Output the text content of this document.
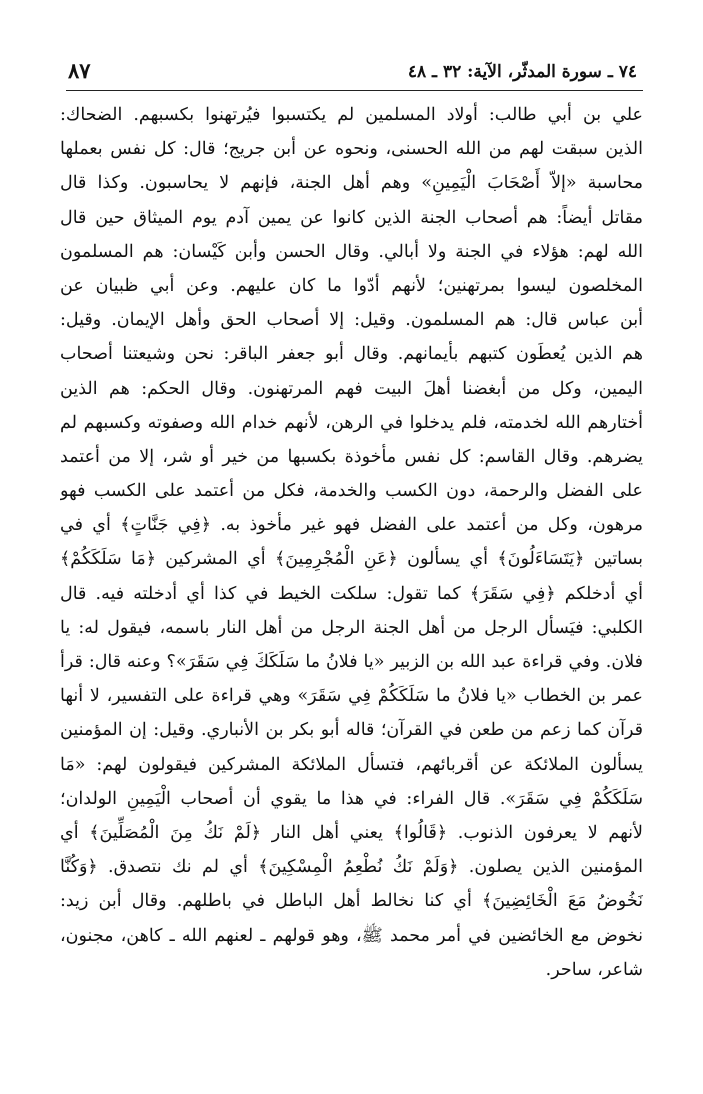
٧٤ ـ سورة المدثّر، الآية: ٣٢ ـ ٤٨
٨٧
علي بن أبي طالب: أولاد المسلمين لم يكتسبوا فيُرتهنوا بكسبهم. الضحاك:
الذين سبقت لهم من الله الحسنى، ونحوه عن أبن جريج؛ قال: كل نفس بعملها
محاسبة «إلاّ أَصْحَابَ الْيَمِينِ» وهم أهل الجنة، فإنهم لا يحاسبون. وكذا قال
مقاتل أيضاً: هم أصحاب الجنة الذين كانوا عن يمين آدم يوم الميثاق حين قال
الله لهم: هؤلاء في الجنة ولا أبالي. وقال الحسن وأبن كَيْسان: هم المسلمون
المخلصون ليسوا بمرتهنين؛ لأنهم أدّوا ما كان عليهم. وعن أبي ظبيان عن
أبن عباس قال: هم المسلمون. وقيل: إلا أصحاب الحق وأهل الإيمان. وقيل:
هم الذين يُعطَون كتبهم بأيمانهم. وقال أبو جعفر الباقر: نحن وشيعتنا أصحاب
اليمين، وكل من أبغضنا أهلَ البيت فهم المرتهنون. وقال الحكم: هم الذين
أختارهم الله لخدمته، فلم يدخلوا في الرهن، لأنهم خدام الله وصفوته وكسبهم لم
يضرهم. وقال القاسم: كل نفس مأخوذة بكسبها من خير أو شر، إلا من أعتمد
على الفضل والرحمة، دون الكسب والخدمة، فكل من أعتمد على الكسب فهو
مرهون، وكل من أعتمد على الفضل فهو غير مأخوذ به. ﴿فِي جَنَّاتٍ﴾ أي في
بساتين ﴿يَتَسَاءَلُونَ﴾ أي يسألون ﴿عَنِ الْمُجْرِمِينَ﴾ أي المشركين ﴿مَا سَلَكَكُمْ﴾
أي أدخلكم ﴿فِي سَقَرَ﴾ كما تقول: سلكت الخيط في كذا أي أدخلته فيه. قال
الكلبي: فيَسأل الرجل من أهل الجنة الرجل من أهل النار باسمه، فيقول له: يا
فلان. وفي قراءة عبد الله بن الزبير «يا فلانُ ما سَلَكَكَ فِي سَقَرَ»؟ وعنه قال: قرأ
عمر بن الخطاب «يا فلانُ ما سَلَكَكُمْ فِي سَقَرَ» وهي قراءة على التفسير، لا أنها
قرآن كما زعم من طعن في القرآن؛ قاله أبو بكر بن الأنباري. وقيل: إن المؤمنين
يسألون الملائكة عن أقربائهم، فتسأل الملائكة المشركين فيقولون لهم: «مَا
سَلَكَكُمْ فِي سَقَرَ». قال الفراء: في هذا ما يقوي أن أصحاب الْيَمِينِ الولدان؛
لأنهم لا يعرفون الذنوب. ﴿قَالُوا﴾ يعني أهل النار ﴿لَمْ نَكُ مِنَ الْمُصَلِّينَ﴾ أي
المؤمنين الذين يصلون. ﴿وَلَمْ نَكُ نُطْعِمُ الْمِسْكِينَ﴾ أي لم نك نتصدق. ﴿وَكُنَّا
نَخُوضُ مَعَ الْخَائِضِينَ﴾ أي كنا نخالط أهل الباطل في باطلهم. وقال أبن زيد:
نخوض مع الخائضين في أمر محمد ﷺ، وهو قولهم ـ لعنهم الله ـ كاهن، مجنون،
شاعر، ساحر.
